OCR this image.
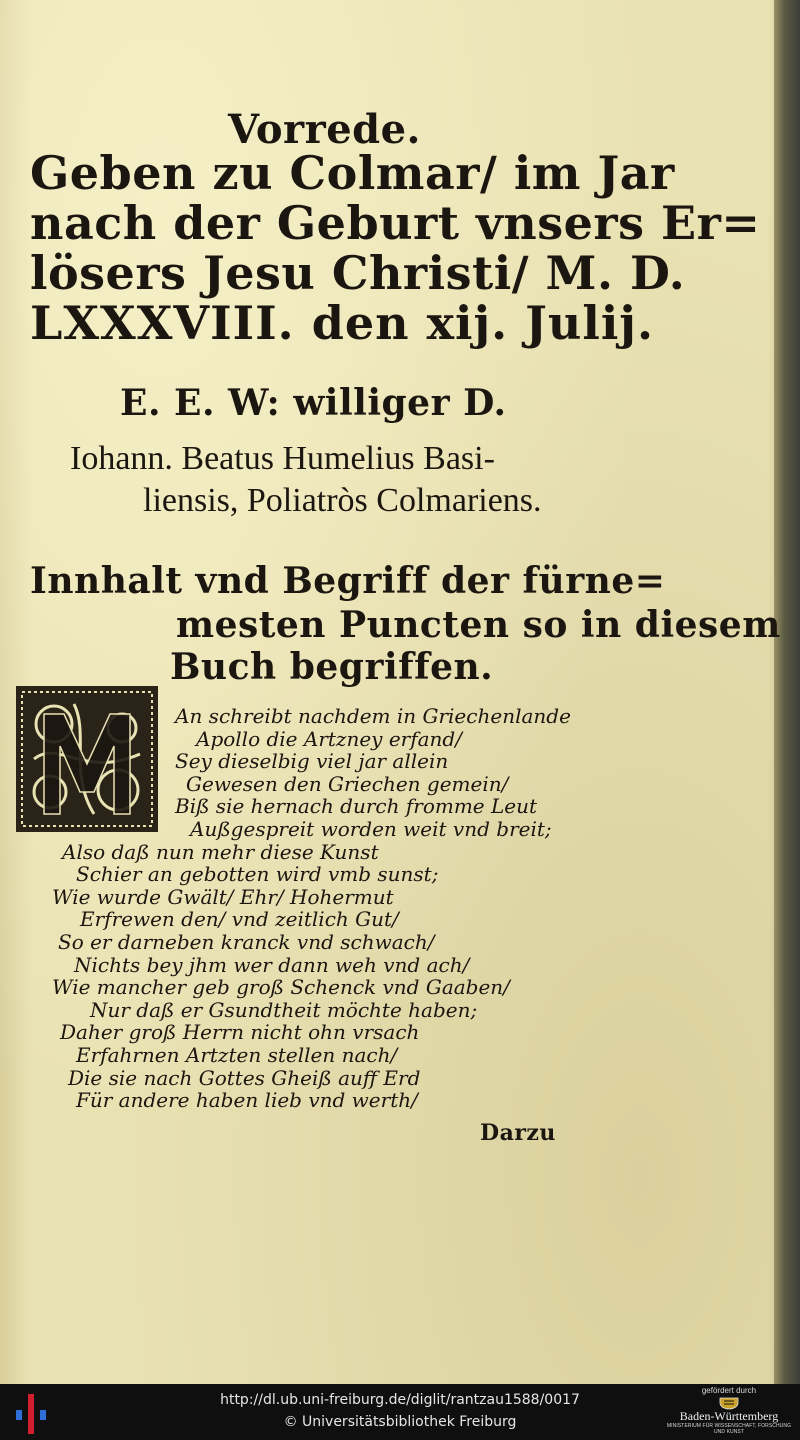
Vorrede.

Geben zu Colmar/ im Jar

nach der Geburt vnsers Er=

lösers Jesu Christi/ M. D.

LXXXVIII. den xij. Julij.

E. E. W: williger D.

Iohann. Beatus Humelius Basi-

liensis, Poliatròs Colmariens.

Innhalt vnd Begriff der fürne=

mesten Puncten so in diesem

Buch begriffen.

An schreibt nachdem in Griechenlande

Apollo die Artzney erfand/

Sey dieselbig viel jar allein

Gewesen den Griechen gemein/

Biß sie hernach durch fromme Leut

Außgespreit worden weit vnd breit;

Also daß nun mehr diese Kunst

Schier an gebotten wird vmb sunst;

Wie wurde Gwält/ Ehr/ Hohermut

Erfrewen den/ vnd zeitlich Gut/

So er darneben kranck vnd schwach/

Nichts bey jhm wer dann weh vnd ach/

Wie mancher geb groß Schenck vnd Gaaben/

Nur daß er Gsundtheit möchte haben;

Daher groß Herrn nicht ohn vrsach

Erfahrnen Artzten stellen nach/

Die sie nach Gottes Gheiß auff Erd

Für andere haben lieb vnd werth/

Darzu

http://dl.ub.uni-freiburg.de/diglit/rantzau1588/0017
© Universitätsbibliothek Freiburg
gefördert durch
Baden-Württemberg
MINISTERIUM FÜR WISSENSCHAFT, FORSCHUNG UND KUNST
